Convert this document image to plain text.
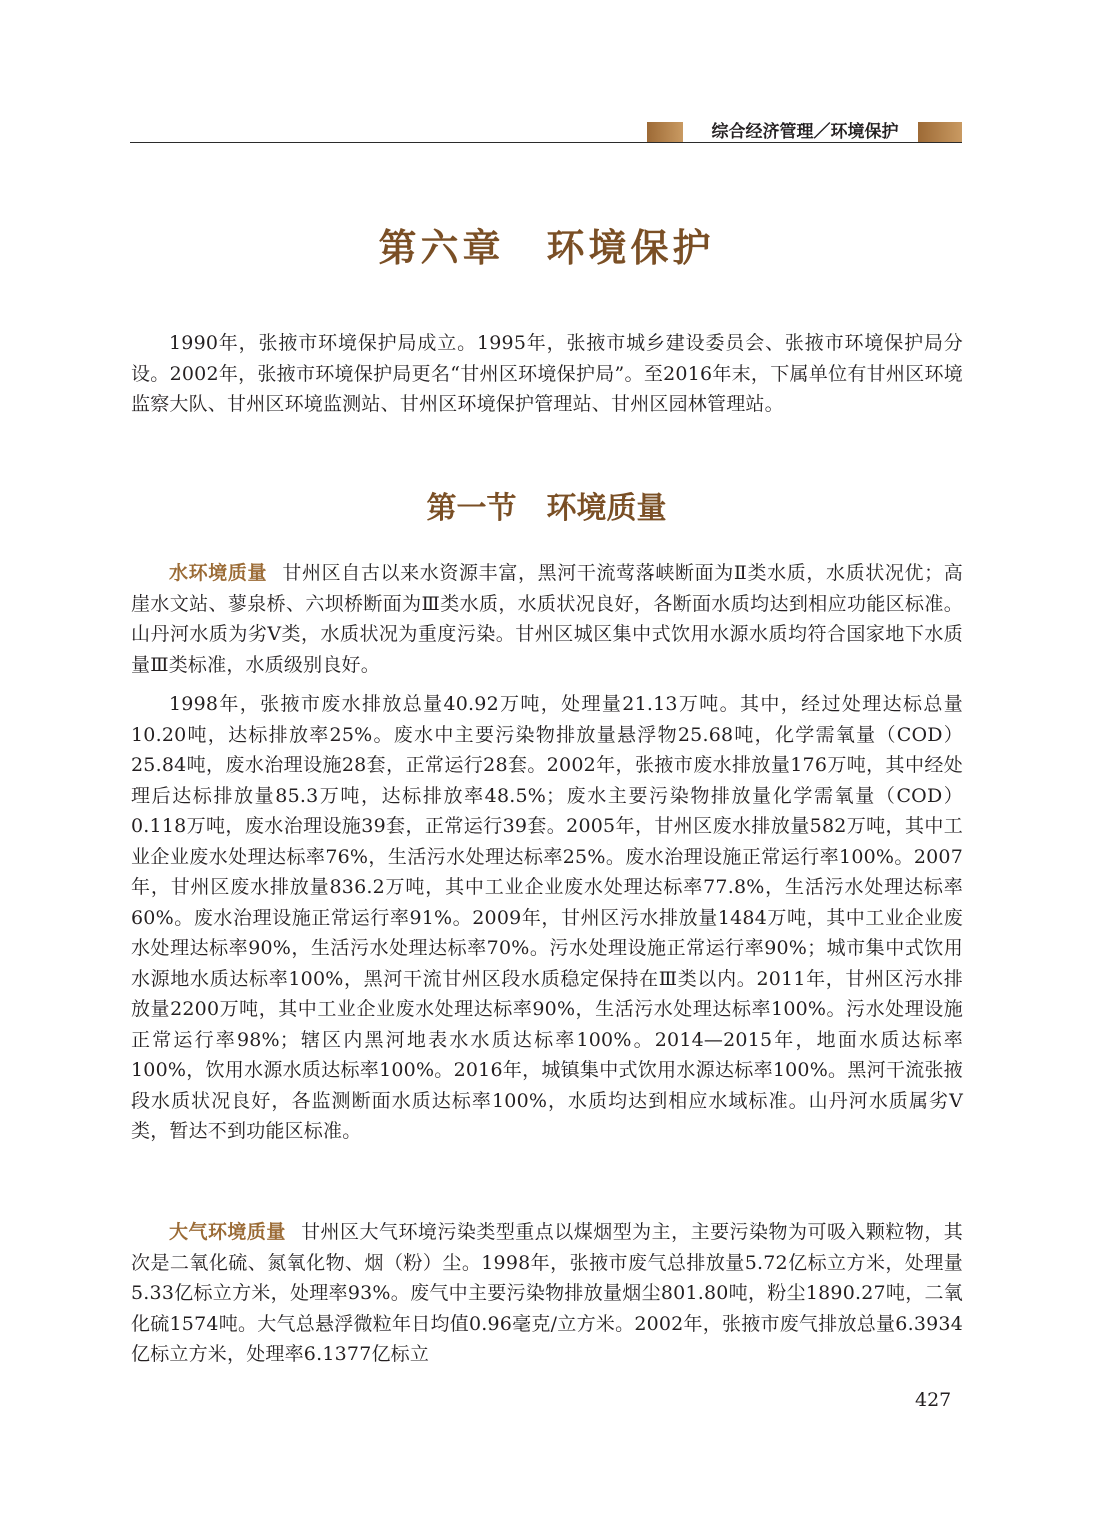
综合经济管理／环境保护
第六章　环境保护

1990年，张掖市环境保护局成立。1995年，张掖市城乡建设委员会、张掖市环境保护局分设。2002年，张掖市环境保护局更名“甘州区环境保护局”。至2016年末，下属单位有甘州区环境监察大队、甘州区环境监测站、甘州区环境保护管理站、甘州区园林管理站。

第一节　环境质量

水环境质量 甘州区自古以来水资源丰富，黑河干流莺落峡断面为Ⅱ类水质，水质状况优；高崖水文站、蓼泉桥、六坝桥断面为Ⅲ类水质，水质状况良好，各断面水质均达到相应功能区标准。山丹河水质为劣Ⅴ类，水质状况为重度污染。甘州区城区集中式饮用水源水质均符合国家地下水质量Ⅲ类标准，水质级别良好。

1998年，张掖市废水排放总量40.92万吨，处理量21.13万吨。其中，经过处理达标总量10.20吨，达标排放率25%。废水中主要污染物排放量悬浮物25.68吨，化学需氧量（COD）25.84吨，废水治理设施28套，正常运行28套。2002年，张掖市废水排放量176万吨，其中经处理后达标排放量85.3万吨，达标排放率48.5%；废水主要污染物排放量化学需氧量（COD）0.118万吨，废水治理设施39套，正常运行39套。2005年，甘州区废水排放量582万吨，其中工业企业废水处理达标率76%，生活污水处理达标率25%。废水治理设施正常运行率100%。2007年，甘州区废水排放量836.2万吨，其中工业企业废水处理达标率77.8%，生活污水处理达标率60%。废水治理设施正常运行率91%。2009年，甘州区污水排放量1484万吨，其中工业企业废水处理达标率90%，生活污水处理达标率70%。污水处理设施正常运行率90%；城市集中式饮用水源地水质达标率100%，黑河干流甘州区段水质稳定保持在Ⅲ类以内。2011年，甘州区污水排放量2200万吨，其中工业企业废水处理达标率90%，生活污水处理达标率100%。污水处理设施正常运行率98%；辖区内黑河地表水水质达标率100%。2014—2015年，地面水质达标率100%，饮用水源水质达标率100%。2016年，城镇集中式饮用水源达标率100%。黑河干流张掖段水质状况良好，各监测断面水质达标率100%，水质均达到相应水域标准。山丹河水质属劣Ⅴ类，暂达不到功能区标准。

大气环境质量 甘州区大气环境污染类型重点以煤烟型为主，主要污染物为可吸入颗粒物，其次是二氧化硫、氮氧化物、烟（粉）尘。1998年，张掖市废气总排放量5.72亿标立方米，处理量5.33亿标立方米，处理率93%。废气中主要污染物排放量烟尘801.80吨，粉尘1890.27吨，二氧化硫1574吨。大气总悬浮微粒年日均值0.96毫克/立方米。2002年，张掖市废气排放总量6.3934亿标立方米，处理率6.1377亿标立

427
